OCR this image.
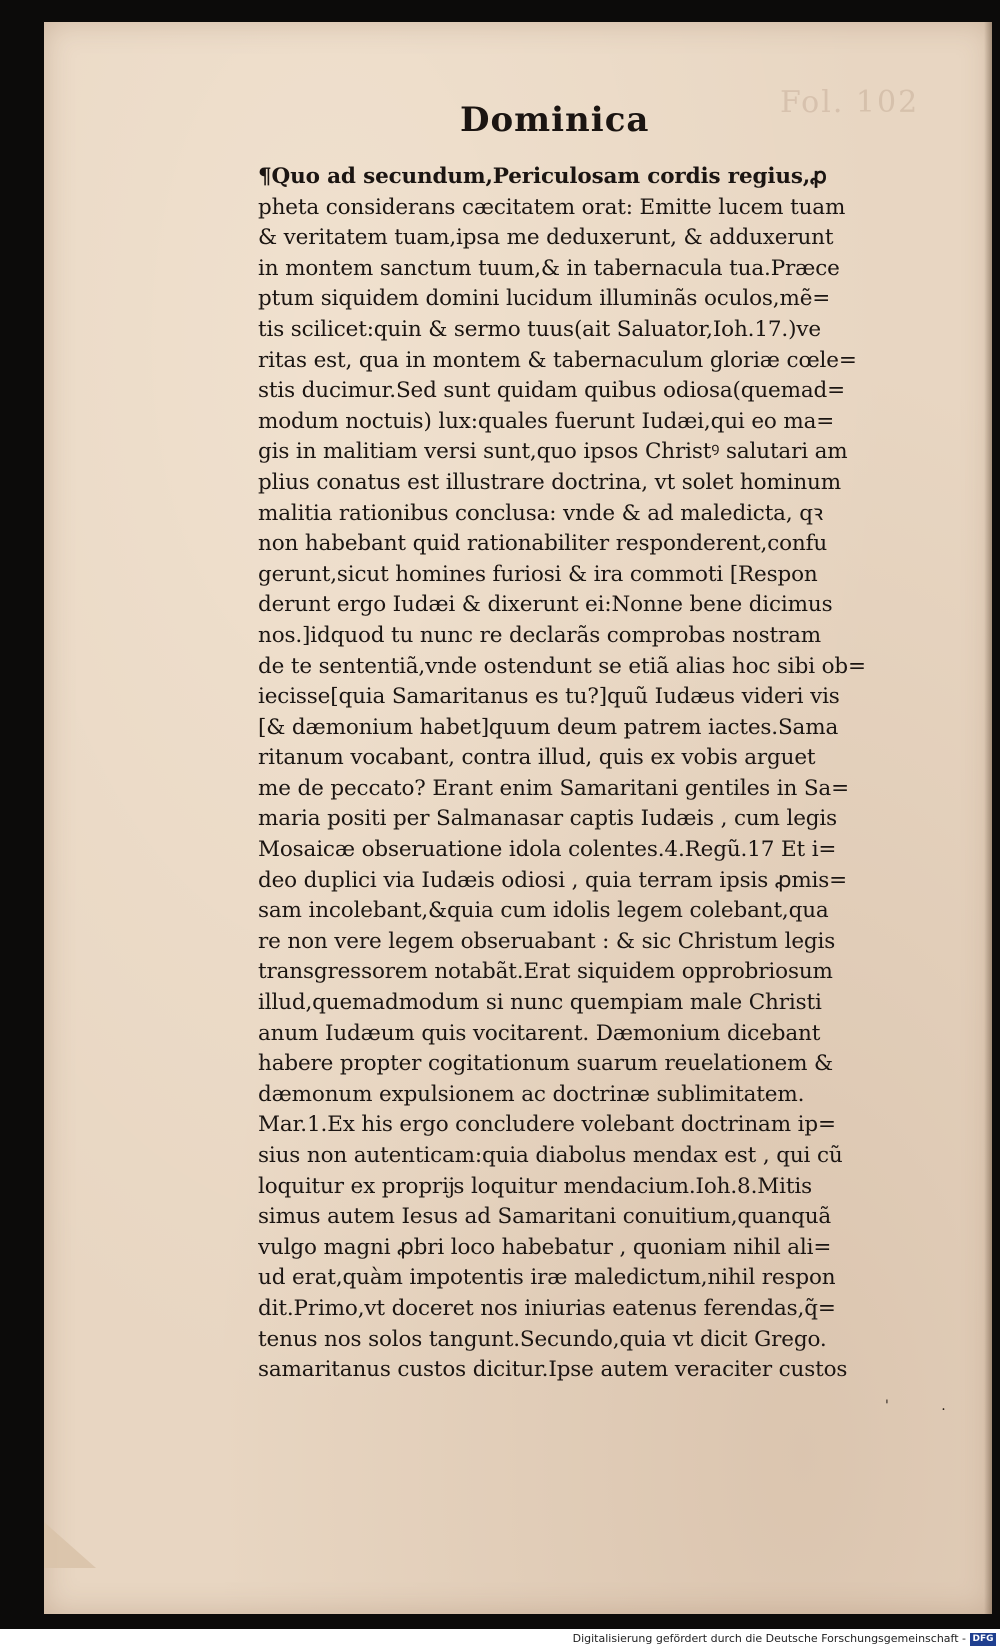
Fol. 102
Dominica
¶Quo ad secundum,Periculosam cordis regius,ꝓ
pheta considerans cæcitatem orat: Emitte lucem tuam
& veritatem tuam,ipsa me deduxerunt, & adduxerunt
in montem sanctum tuum,& in tabernacula tua.Præce
ptum siquidem domini lucidum illuminãs oculos,mẽ=
tis scilicet:quin & sermo tuus(ait Saluator,Ioh.17.)ve
ritas est, qua in montem & tabernaculum gloriæ cœle=
stis ducimur.Sed sunt quidam quibus odiosa(quemad=
modum noctuis) lux:quales fuerunt Iudæi,qui eo ma=
gis in malitiam versi sunt,quo ipsos Christꝰ salutari am
plius conatus est illustrare doctrina, vt solet hominum
malitia rationibus conclusa: vnde & ad maledicta, qꝛ
non habebant quid rationabiliter responderent,confu
gerunt,sicut homines furiosi & ira commoti [Respon
derunt ergo Iudæi & dixerunt ei:Nonne bene dicimus
nos.]idquod tu nunc re declarãs comprobas nostram
de te sententiã,vnde ostendunt se etiã alias hoc sibi ob=
iecisse[quia Samaritanus es tu?]quũ Iudæus videri vis
[& dæmonium habet]quum deum patrem iactes.Sama
ritanum vocabant, contra illud, quis ex vobis arguet
me de peccato? Erant enim Samaritani gentiles in Sa=
maria positi per Salmanasar captis Iudæis , cum legis
Mosaicæ obseruatione idola colentes.4.Regũ.17 Et i=
deo duplici via Iudæis odiosi , quia terram ipsis ꝓmis=
sam incolebant,&quia cum idolis legem colebant,qua
re non vere legem obseruabant : & sic Christum legis
transgressorem notabãt.Erat siquidem opprobriosum
illud,quemadmodum si nunc quempiam male Christi
anum Iudæum quis vocitarent. Dæmonium dicebant
habere propter cogitationum suarum reuelationem &
dæmonum expulsionem ac doctrinæ sublimitatem.
Mar.1.Ex his ergo concludere volebant doctrinam ip=
sius non autenticam:quia diabolus mendax est , qui cũ
loquitur ex proprĳs loquitur mendacium.Ioh.8.Mitis
simus autem Iesus ad Samaritani conuitium,quanquã
vulgo magni ꝓbri loco habebatur , quoniam nihil ali=
ud erat,quàm impotentis iræ maledictum,nihil respon
dit.Primo,vt doceret nos iniurias eatenus ferendas,q̃=
tenus nos solos tangunt.Secundo,quia vt dicit Grego.
samaritanus custos dicitur.Ipse autem veraciter custos
' .
Digitalisierung gefördert durch die Deutsche Forschungsgemeinschaft - DFG
